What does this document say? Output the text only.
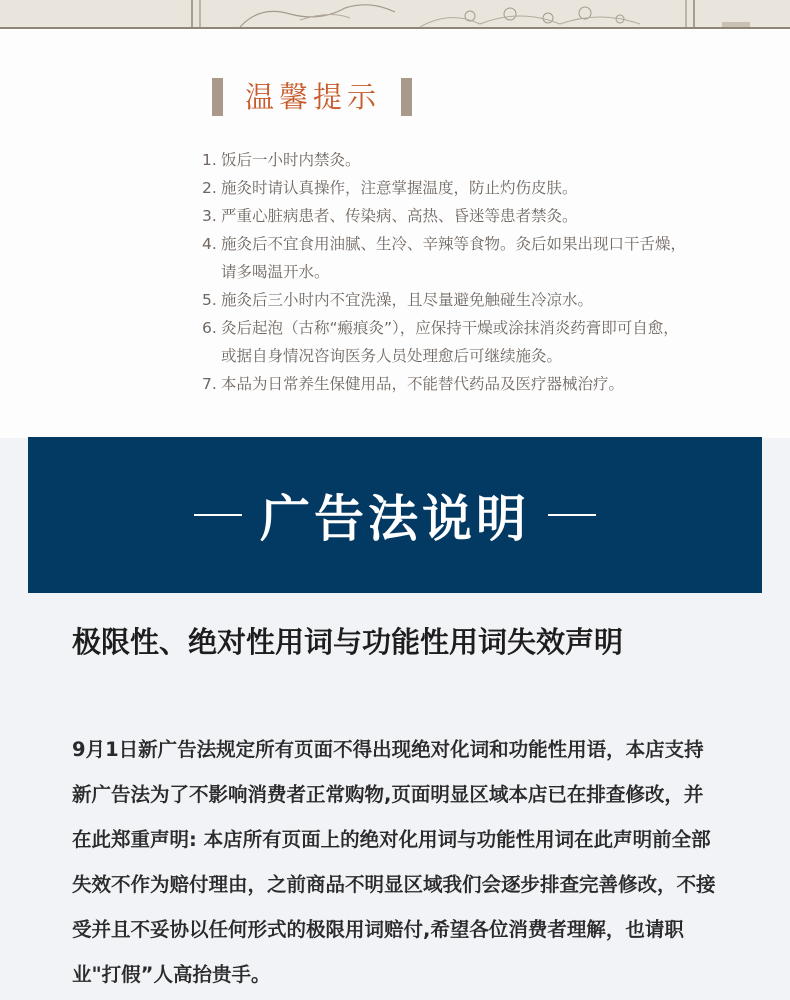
温馨提示
1. 饭后一小时内禁灸。
2. 施灸时请认真操作，注意掌握温度，防止灼伤皮肤。
3. 严重心脏病患者、传染病、高热、昏迷等患者禁灸。
4. 施灸后不宜食用油腻、生冷、辛辣等食物。灸后如果出现口干舌燥，
请多喝温开水。
5. 施灸后三小时内不宜洗澡，且尽量避免触碰生冷凉水。
6. 灸后起泡（古称“瘢痕灸”），应保持干燥或涂抹消炎药膏即可自愈，
或据自身情况咨询医务人员处理愈后可继续施灸。
7. 本品为日常养生保健用品，不能替代药品及医疗器械治疗。
广告法说明
极限性、绝对性用词与功能性用词失效声明

9月1日新广告法规定所有页面不得出现绝对化词和功能性用语，本店支持新广告法为了不影响消费者正常购物,页面明显区域本店已在排查修改，并在此郑重声明: 本店所有页面上的绝对化用词与功能性用词在此声明前全部失效不作为赔付理由，之前商品不明显区域我们会逐步排查完善修改，不接受并且不妥协以任何形式的极限用词赔付,希望各位消费者理解，也请职业"打假”人高抬贵手。
